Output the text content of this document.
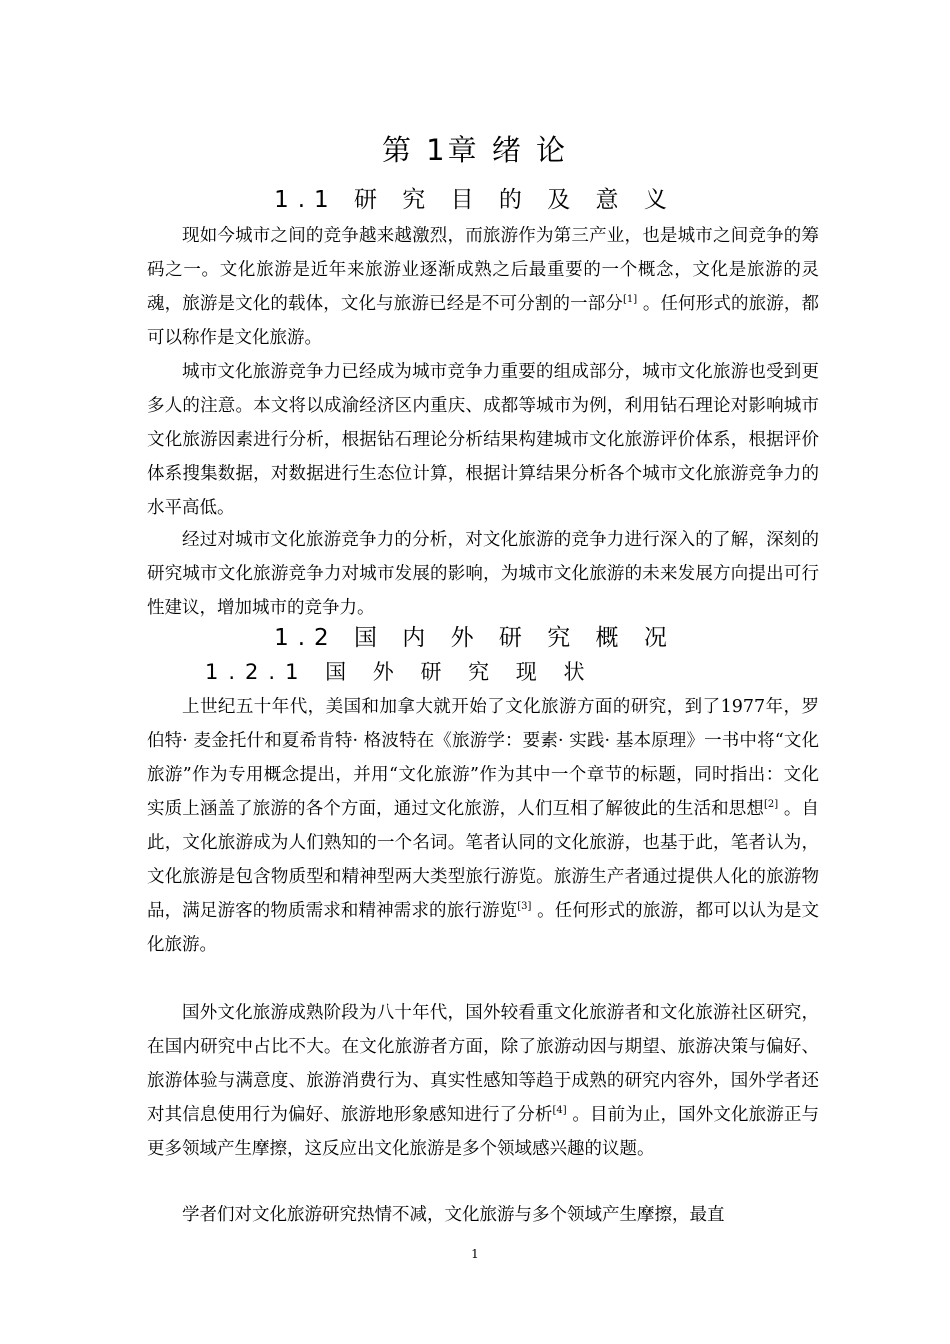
第 1章 绪 论
1.1 研 究 目 的 及 意 义

现如今城市之间的竞争越来越激烈，而旅游作为第三产业，也是城市之间竞争的筹码之一。文化旅游是近年来旅游业逐渐成熟之后最重要的一个概念，文化是旅游的灵魂，旅游是文化的载体，文化与旅游已经是不可分割的一部分[1] 。任何形式的旅游，都可以称作是文化旅游。

城市文化旅游竞争力已经成为城市竞争力重要的组成部分，城市文化旅游也受到更多人的注意。本文将以成渝经济区内重庆、成都等城市为例，利用钻石理论对影响城市文化旅游因素进行分析，根据钻石理论分析结果构建城市文化旅游评价体系，根据评价体系搜集数据，对数据进行生态位计算，根据计算结果分析各个城市文化旅游竞争力的水平高低。

经过对城市文化旅游竞争力的分析，对文化旅游的竞争力进行深入的了解，深刻的研究城市文化旅游竞争力对城市发展的影响，为城市文化旅游的未来发展方向提出可行性建议，增加城市的竞争力。

1.2 国 内 外 研 究 概 况
1.2.1 国 外 研 究 现 状

上世纪五十年代，美国和加拿大就开始了文化旅游方面的研究，到了1977年，罗伯特· 麦金托什和夏希肯特· 格波特在《旅游学：要素· 实践· 基本原理》一书中将“文化旅游”作为专用概念提出，并用“文化旅游”作为其中一个章节的标题，同时指出：文化实质上涵盖了旅游的各个方面，通过文化旅游，人们互相了解彼此的生活和思想[2] 。自此，文化旅游成为人们熟知的一个名词。笔者认同的文化旅游，也基于此，笔者认为，文化旅游是包含物质型和精神型两大类型旅行游览。旅游生产者通过提供人化的旅游物品，满足游客的物质需求和精神需求的旅行游览[3] 。任何形式的旅游，都可以认为是文化旅游。

国外文化旅游成熟阶段为八十年代，国外较看重文化旅游者和文化旅游社区研究，在国内研究中占比不大。在文化旅游者方面，除了旅游动因与期望、旅游决策与偏好、旅游体验与满意度、旅游消费行为、真实性感知等趋于成熟的研究内容外，国外学者还对其信息使用行为偏好、旅游地形象感知进行了分析[4] 。目前为止，国外文化旅游正与更多领域产生摩擦，这反应出文化旅游是多个领域感兴趣的议题。

学者们对文化旅游研究热情不减，文化旅游与多个领域产生摩擦，最直

1
